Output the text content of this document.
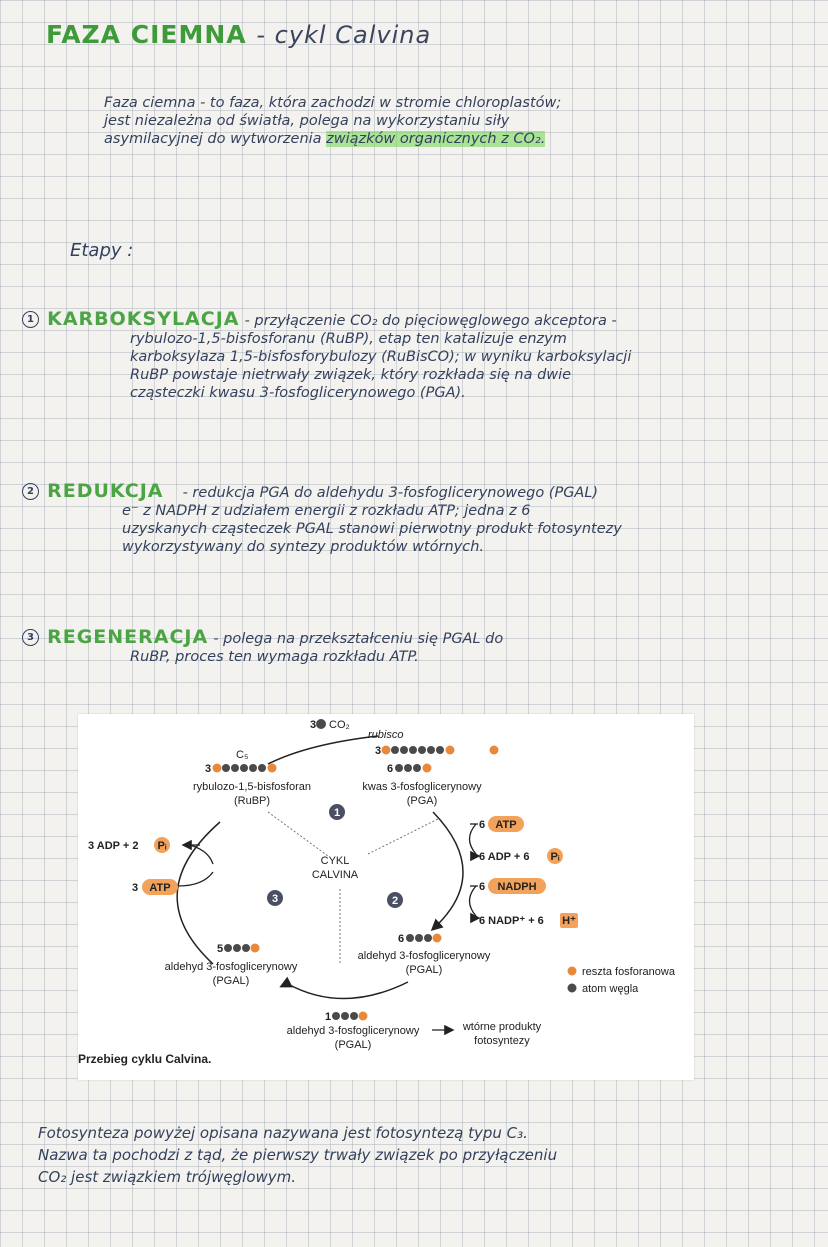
FAZA CIEMNA - cykl Calvina
Faza ciemna - to faza, która zachodzi w stromie chloroplastów;
jest niezależna od światła, polega na wykorzystaniu siły
asymilacyjnej do wytworzenia związków organicznych z CO₂.
Etapy :
1 KARBOKSYLACJA - przyłączenie CO₂ do pięciowęglowego akceptora -
rybulozo-1,5-bisfosforanu (RuBP), etap ten katalizuje enzym
karboksylaza 1,5-bisfosforybulozy (RuBisCO); w wyniku karboksylacji
RuBP powstaje nietrwały związek, który rozkłada się na dwie
cząsteczki kwasu 3-fosfoglicerynowego (PGA).
2 REDUKCJA - redukcja PGA do aldehydu 3-fosfoglicerynowego (PGAL)
e⁻ z NADPH z udziałem energii z rozkładu ATP; jedna z 6
uzyskanych cząsteczek PGAL stanowi pierwotny produkt fotosyntezy
wykorzystywany do syntezy produktów wtórnych.
3 REGENERACJA - polega na przekształceniu się PGAL do
RuBP, proces ten wymaga rozkładu ATP.
3 CO₂
rubisco
3
C₅
3
rybulozo-1,5-bisfosforan
(RuBP)
6
kwas 3-fosfoglicerynowy
(PGA)
CYKL
CALVINA
1
2
3
6 ATP
6 ADP + 6 Pᵢ
6 NADPH
6 NADP⁺ + 6 H⁺
3 ADP + 2 Pᵢ
3 ATP
5
aldehyd 3-fosfoglicerynowy
(PGAL)
6
aldehyd 3-fosfoglicerynowy
(PGAL)
1
aldehyd 3-fosfoglicerynowy
(PGAL)
wtórne produkty
fotosyntezy
reszta fosforanowa
atom węgla
Przebieg cyklu Calvina.
Fotosynteza powyżej opisana nazywana jest fotosyntezą typu C₃.
Nazwa ta pochodzi z tąd, że pierwszy trwały związek po przyłączeniu
CO₂ jest związkiem trójwęglowym.
